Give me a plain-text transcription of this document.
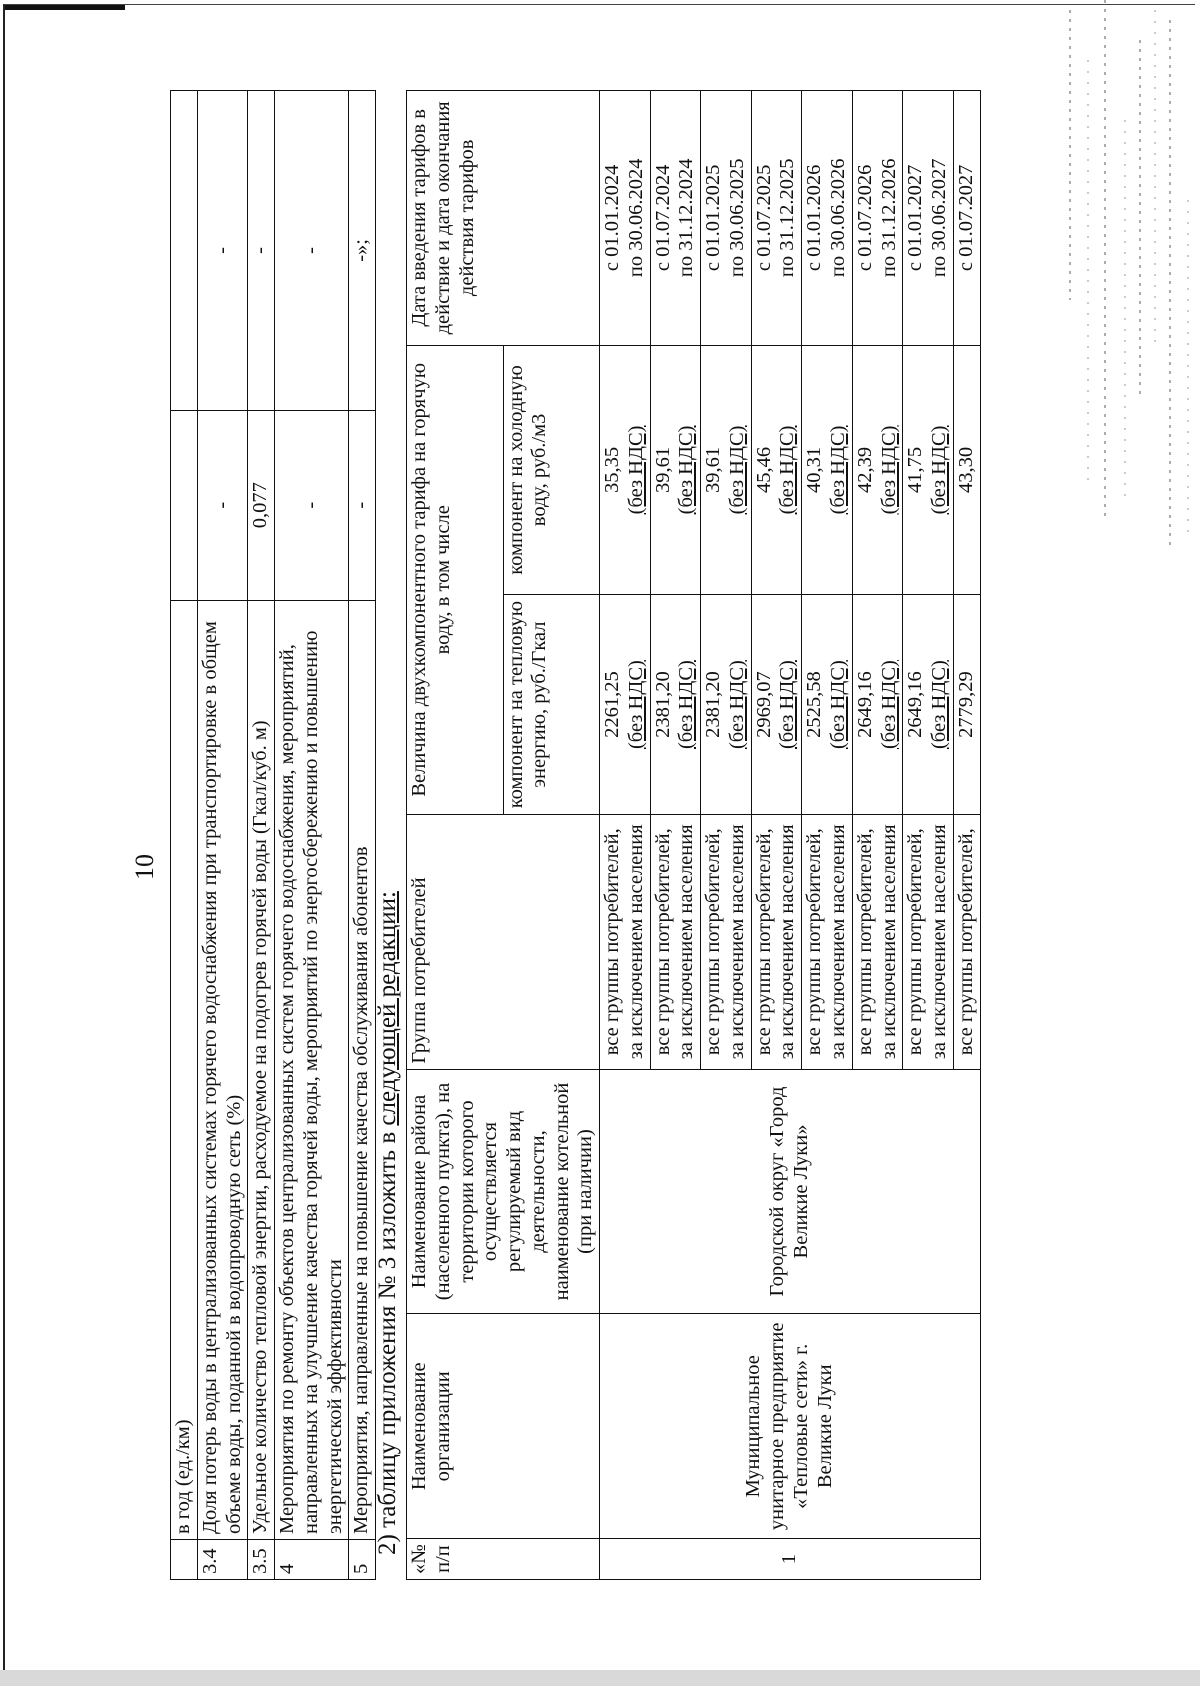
10
	в год (ед./км)		
3.4	Доля потерь воды в централизованных системах горячего водоснабжения при транспортировке в общем объеме воды, поданной в водопроводную сеть (%)	-	-
3.5	Удельное количество тепловой энергии, расходуемое на подогрев горячей воды (Гкал/куб. м)	0,077	-
4	Мероприятия по ремонту объектов централизованных систем горячего водоснабжения, мероприятий, направленных на улучшение качества горячей воды, мероприятий по энергосбережению и повышению энергетической эффективности	-	-
5	Мероприятия, направленные на повышение качества обслуживания абонентов	-	-»;
2) таблицу приложения № 3 изложить в следующей редакции:
«№ п/п	Наименование организации	Наименование района (населенного пункта), на территории которого осуществляется регулируемый вид деятельности, наименование котельной (при наличии)	Группа потребителей	Величина двухкомпонентного тарифа на горячую воду, в том числе		Дата введения тарифов в действие и дата окончания действия тарифов
				компонент на тепловую энергию, руб./Гкал	компонент на холодную воду, руб./м3	
1	Муниципальное унитарное предприятие «Тепловые сети» г. Великие Луки	Городской округ «Город Великие Луки»	все группы потребителей, за исключением населения	2261,25
(без НДС)	35,35
(без НДС)	с 01.01.2024
по 30.06.2024
			все группы потребителей, за исключением населения	2381,20
(без НДС)	39,61
(без НДС)	с 01.07.2024
по 31.12.2024
			все группы потребителей, за исключением населения	2381,20
(без НДС)	39,61
(без НДС)	с 01.01.2025
по 30.06.2025
			все группы потребителей, за исключением населения	2969,07
(без НДС)	45,46
(без НДС)	с 01.07.2025
по 31.12.2025
			все группы потребителей, за исключением населения	2525,58
(без НДС)	40,31
(без НДС)	с 01.01.2026
по 30.06.2026
			все группы потребителей, за исключением населения	2649,16
(без НДС)	42,39
(без НДС)	с 01.07.2026
по 31.12.2026
			все группы потребителей, за исключением населения	2649,16
(без НДС)	41,75
(без НДС)	с 01.01.2027
по 30.06.2027
			все группы потребителей,	2779,29	43,30	с 01.07.2027
